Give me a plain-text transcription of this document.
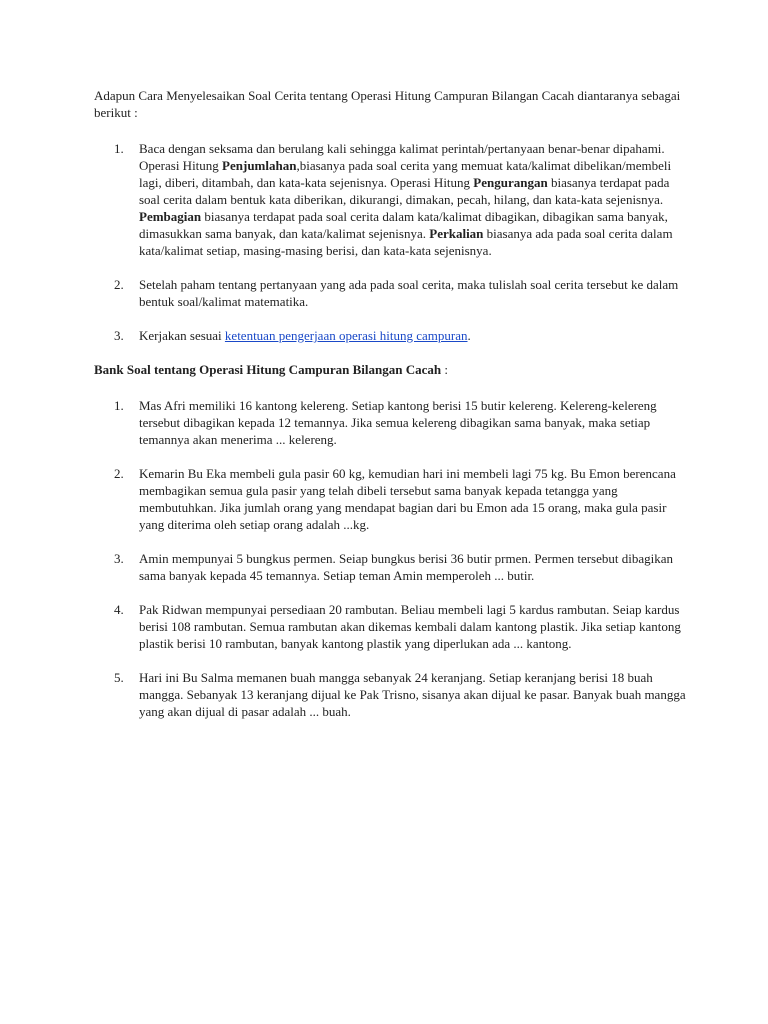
Adapun Cara Menyelesaikan Soal Cerita tentang Operasi Hitung Campuran Bilangan Cacah diantaranya sebagai berikut :

1. Baca dengan seksama dan berulang kali sehingga kalimat perintah/pertanyaan benar-benar dipahami. Operasi Hitung Penjumlahan,biasanya pada soal cerita yang memuat kata/kalimat dibelikan/membeli lagi, diberi, ditambah, dan kata-kata sejenisnya. Operasi Hitung Pengurangan biasanya terdapat pada soal cerita dalam bentuk kata diberikan, dikurangi, dimakan, pecah, hilang, dan kata-kata sejenisnya. Pembagian biasanya terdapat pada soal cerita dalam kata/kalimat dibagikan, dibagikan sama banyak, dimasukkan sama banyak, dan kata/kalimat sejenisnya. Perkalian biasanya ada pada soal cerita dalam kata/kalimat setiap, masing-masing berisi, dan kata-kata sejenisnya.
2. Setelah paham tentang pertanyaan yang ada pada soal cerita, maka tulislah soal cerita tersebut ke dalam bentuk soal/kalimat matematika.
3. Kerjakan sesuai ketentuan pengerjaan operasi hitung campuran.

Bank Soal tentang Operasi Hitung Campuran Bilangan Cacah :

1. Mas Afri memiliki 16 kantong kelereng. Setiap kantong berisi 15 butir kelereng. Kelereng-kelereng tersebut dibagikan kepada 12 temannya. Jika semua kelereng dibagikan sama banyak, maka setiap temannya akan menerima ... kelereng.
2. Kemarin Bu Eka membeli gula pasir 60 kg, kemudian hari ini membeli lagi 75 kg. Bu Emon berencana membagikan semua gula pasir yang telah dibeli tersebut sama banyak kepada tetangga yang membutuhkan. Jika jumlah orang yang mendapat bagian dari bu Emon ada 15 orang, maka gula pasir yang diterima oleh setiap orang adalah ...kg.
3. Amin mempunyai 5 bungkus permen. Seiap bungkus berisi 36 butir prmen. Permen tersebut dibagikan sama banyak kepada 45 temannya. Setiap teman Amin memperoleh ... butir.
4. Pak Ridwan mempunyai persediaan 20 rambutan. Beliau membeli lagi 5 kardus rambutan. Seiap kardus berisi 108 rambutan. Semua rambutan akan dikemas kembali dalam kantong plastik. Jika setiap kantong plastik berisi 10 rambutan, banyak kantong plastik yang diperlukan ada ... kantong.
5. Hari ini Bu Salma memanen buah mangga sebanyak 24 keranjang. Setiap keranjang berisi 18 buah mangga. Sebanyak 13 keranjang dijual ke Pak Trisno, sisanya akan dijual ke pasar. Banyak buah mangga yang akan dijual di pasar adalah ... buah.
